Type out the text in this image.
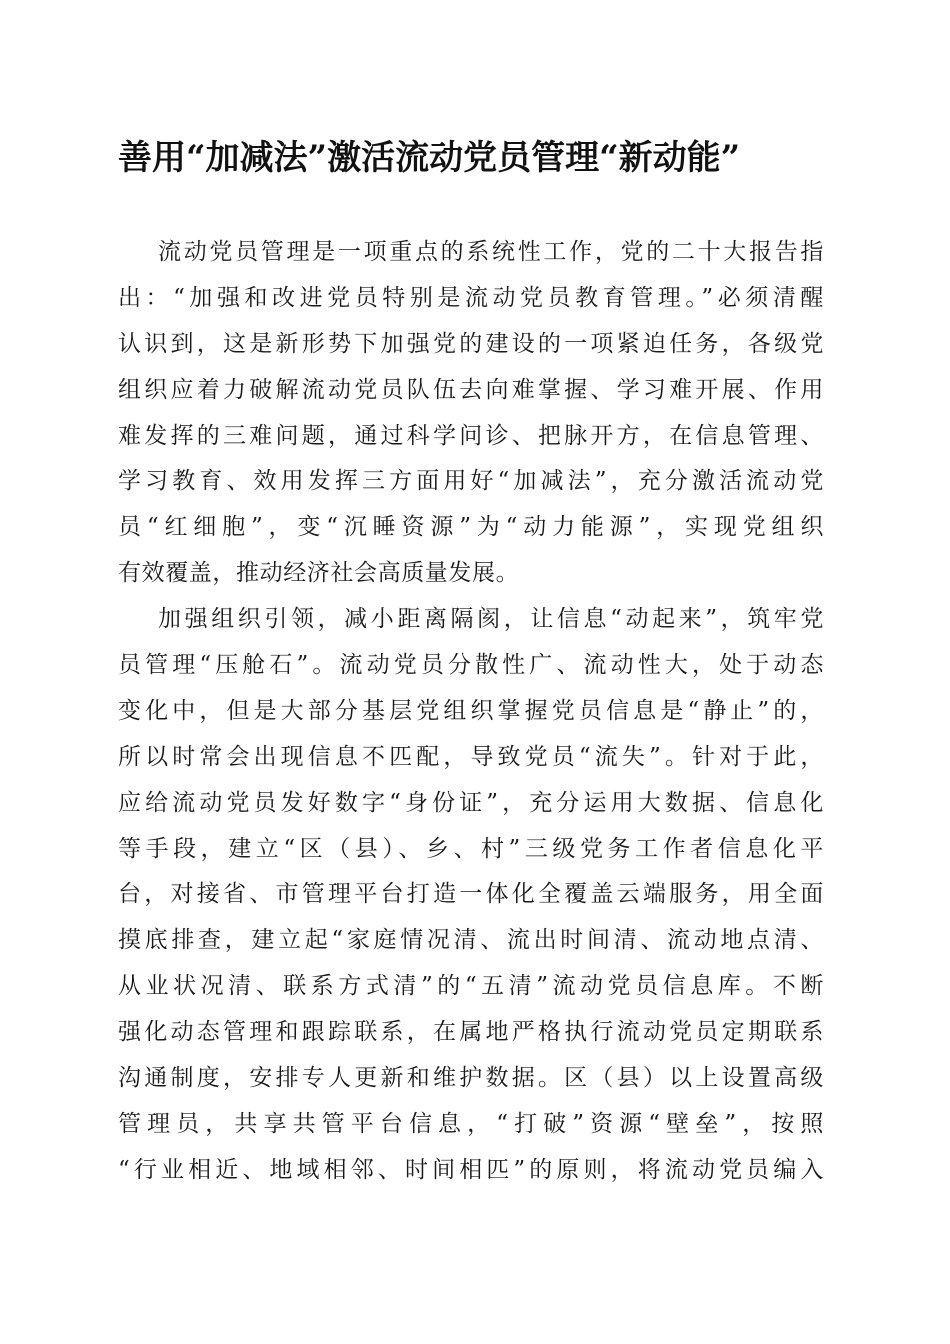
善用“加减法”激活流动党员管理“新动能”
流动党员管理是一项重点的系统性工作，党的二十大报告指
出：“加强和改进党员特别是流动党员教育管理。”必须清醒
认识到，这是新形势下加强党的建设的一项紧迫任务，各级党
组织应着力破解流动党员队伍去向难掌握、学习难开展、作用
难发挥的三难问题，通过科学问诊、把脉开方，在信息管理、
学习教育、效用发挥三方面用好“加减法”，充分激活流动党
员“红细胞”，变“沉睡资源”为“动力能源”，实现党组织
有效覆盖，推动经济社会高质量发展。
加强组织引领，减小距离隔阂，让信息“动起来”，筑牢党
员管理“压舱石”。流动党员分散性广、流动性大，处于动态
变化中，但是大部分基层党组织掌握党员信息是“静止”的，
所以时常会出现信息不匹配，导致党员“流失”。针对于此，
应给流动党员发好数字“身份证”，充分运用大数据、信息化
等手段，建立“区（县）、乡、村”三级党务工作者信息化平
台，对接省、市管理平台打造一体化全覆盖云端服务，用全面
摸底排查，建立起“家庭情况清、流出时间清、流动地点清、
从业状况清、联系方式清”的“五清”流动党员信息库。不断
强化动态管理和跟踪联系，在属地严格执行流动党员定期联系
沟通制度，安排专人更新和维护数据。区（县）以上设置高级
管理员，共享共管平台信息，“打破”资源“壁垒”，按照
“行业相近、地域相邻、时间相匹”的原则，将流动党员编入
